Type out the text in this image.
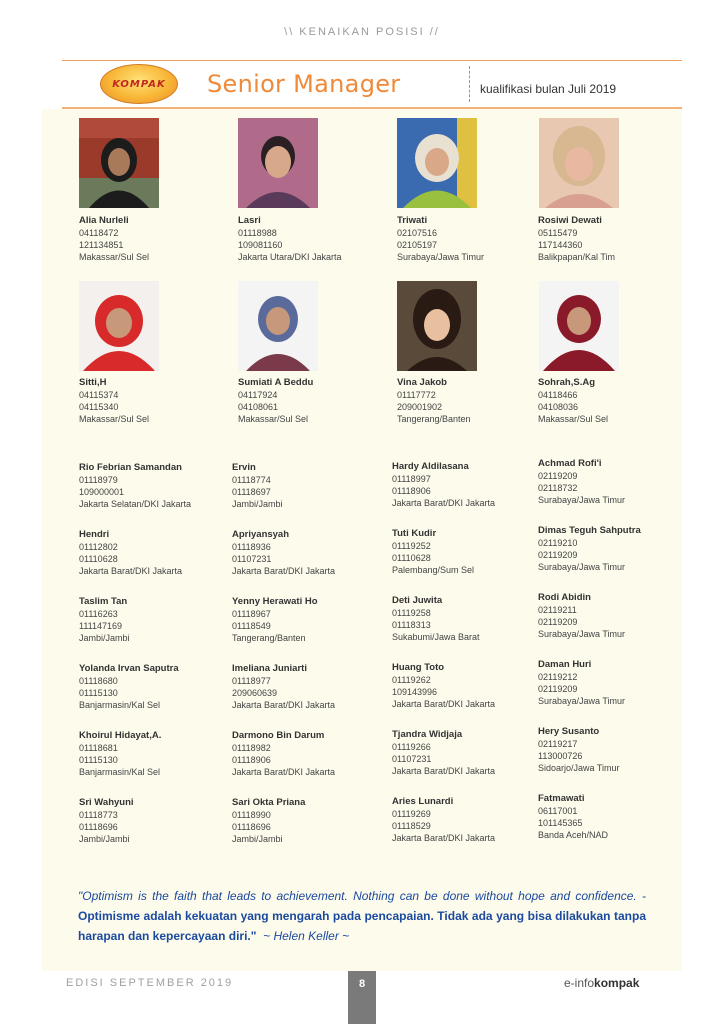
\\ KENAIKAN POSISI //
KOMPAK Senior Manager	kualifikasi bulan Juli 2019
Alia Nurleli
04118472
121134851
Makassar/Sul Sel
Lasri
01118988
109081160
Jakarta Utara/DKI Jakarta
Triwati
02107516
02105197
Surabaya/Jawa Timur
Rosiwi Dewati
05115479
117144360
Balikpapan/Kal Tim
Sitti,H
04115374
04115340
Makassar/Sul Sel
Sumiati A Beddu
04117924
04108061
Makassar/Sul Sel
Vina Jakob
01117772
209001902
Tangerang/Banten
Sohrah,S.Ag
04118466
04108036
Makassar/Sul Sel
Rio Febrian Samandan
01118979
109000001
Jakarta Selatan/DKI Jakarta
Hendri
01112802
01110628
Jakarta Barat/DKI Jakarta
Taslim Tan
01116263
111147169
Jambi/Jambi
Yolanda Irvan Saputra
01118680
01115130
Banjarmasin/Kal Sel
Khoirul Hidayat,A.
01118681
01115130
Banjarmasin/Kal Sel
Sri Wahyuni
01118773
01118696
Jambi/Jambi
Ervin
01118774
01118697
Jambi/Jambi
Apriyansyah
01118936
01107231
Jakarta Barat/DKI Jakarta
Yenny Herawati Ho
01118967
01118549
Tangerang/Banten
Imeliana Juniarti
01118977
209060639
Jakarta Barat/DKI Jakarta
Darmono Bin Darum
01118982
01118906
Jakarta Barat/DKI Jakarta
Sari Okta Priana
01118990
01118696
Jambi/Jambi
Hardy Aldilasana
01118997
01118906
Jakarta Barat/DKI Jakarta
Tuti Kudir
01119252
01110628
Palembang/Sum Sel
Deti Juwita
01119258
01118313
Sukabumi/Jawa Barat
Huang Toto
01119262
109143996
Jakarta Barat/DKI Jakarta
Tjandra Widjaja
01119266
01107231
Jakarta Barat/DKI Jakarta
Aries Lunardi
01119269
01118529
Jakarta Barat/DKI Jakarta
Achmad Rofi'i
02119209
02118732
Surabaya/Jawa Timur
Dimas Teguh Sahputra
02119210
02119209
Surabaya/Jawa Timur
Rodi Abidin
02119211
02119209
Surabaya/Jawa Timur
Daman Huri
02119212
02119209
Surabaya/Jawa Timur
Hery Susanto
02119217
113000726
Sidoarjo/Jawa Timur
Fatmawati
06117001
101145365
Banda Aceh/NAD
"Optimism is the faith that leads to achievement. Nothing can be done without hope and confidence. - Optimisme adalah kekuatan yang mengarah pada pencapaian. Tidak ada yang bisa dilakukan tanpa harapan dan kepercayaan diri." ~ Helen Keller ~
EDISI SEPTEMBER 2019	8	e-infokompak
